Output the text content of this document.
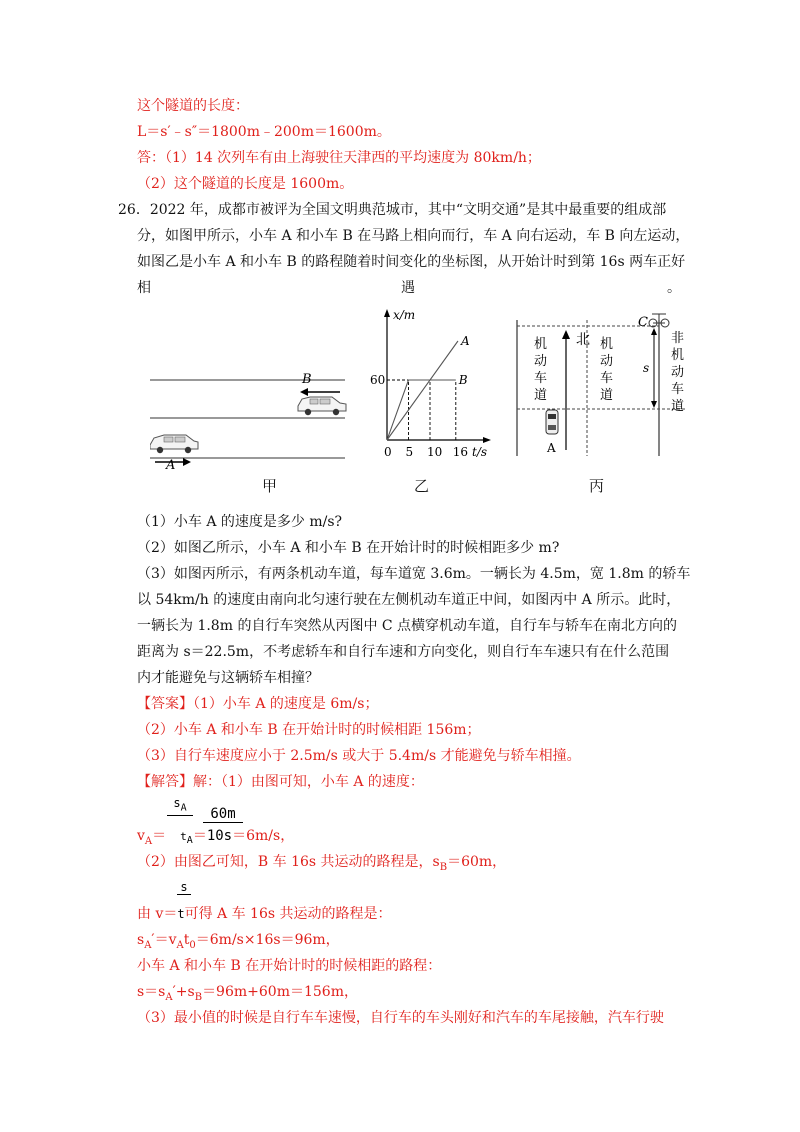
这个隧道的长度：
L＝s′﹣s″＝1800m﹣200m＝1600m。
答：（1）14 次列车有由上海驶往天津西的平均速度为 80km/h；
（2）这个隧道的长度是 1600m。
26．2022 年，成都市被评为全国文明典范城市，其中“文明交通”是其中最重要的组成部
分，如图甲所示，小车 A 和小车 B 在马路上相向而行，车 A 向右运动，车 B 向左运动，
如图乙是小车 A 和小车 B 的路程随着时间变化的坐标图，从开始计时到第 16s 两车正好
相	遇	。
B
A
甲
x/m
t/s
0 5 10 16
60
A
B
乙
北
机
动
车
道
机
动
车
道
非
机
动
车
道
s
C
A
丙
（1）小车 A 的速度是多少 m/s?
（2）如图乙所示，小车 A 和小车 B 在开始计时的时候相距多少 m?
（3）如图丙所示，有两条机动车道，每车道宽 3.6m。一辆长为 4.5m，宽 1.8m 的轿车
以 54km/h 的速度由南向北匀速行驶在左侧机动车道正中间，如图丙中 A 所示。此时，
一辆长为 1.8m 的自行车突然从丙图中 C 点横穿机动车道，自行车与轿车在南北方向的
距离为 s＝22.5m，不考虑轿车和自行车速和方向变化，则自行车车速只有在什么范围
内才能避免与这辆轿车相撞？
【答案】（1）小车 A 的速度是 6m/s；
（2）小车 A 和小车 B 在开始计时的时候相距 156m；
（3）自行车速度应小于 2.5m/s 或大于 5.4m/s 才能避免与轿车相撞。
【解答】解：（1）由图可知，小车 A 的速度：
$s_A$	60m
$v_A= t_A=10s=6m/s$，
（2）由图乙可知，B 车 16s 共运动的路程是，$s_B=60m$，
s
由 v＝t可得 A 车 16s 共运动的路程是：
$s_A'=v_At_0=6m/s\times 16s=96m$，
小车 A 和小车 B 在开始计时的时候相距的路程：
$s=s_A'+s_B=96m+60m=156m$，
（3）最小值的时候是自行车车速慢，自行车的车头刚好和汽车的车尾接触，汽车行驶
